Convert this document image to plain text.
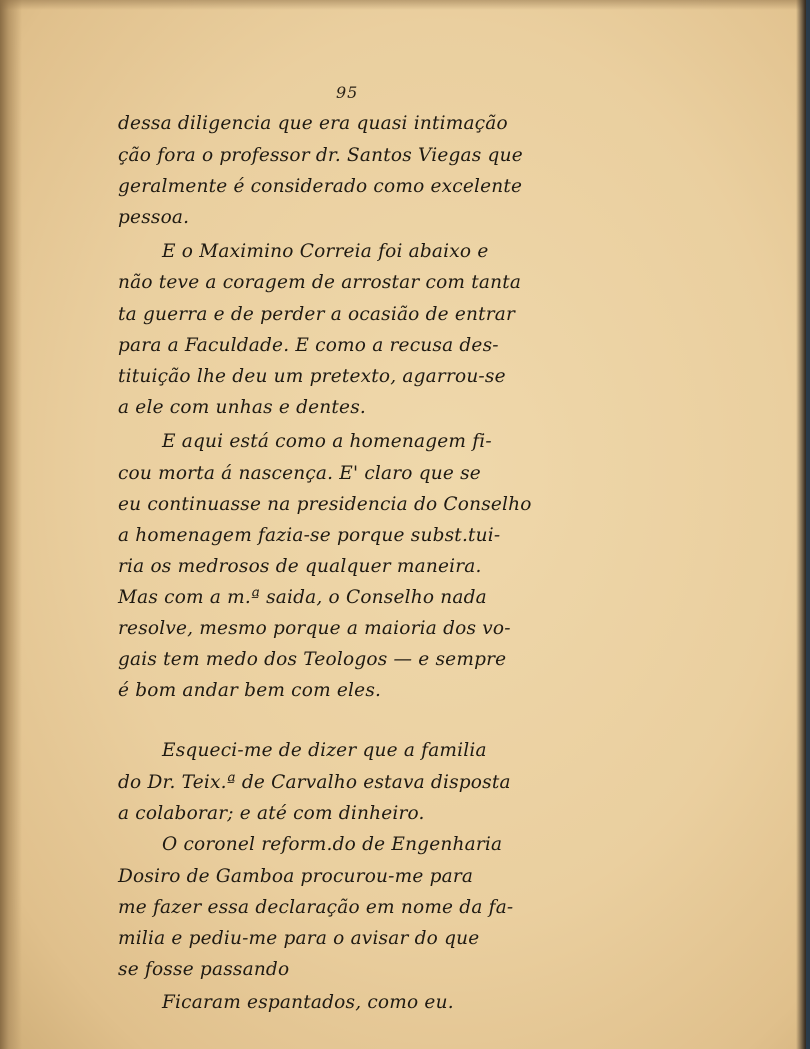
95
dessa diligencia que era quasi intimação
ção fora o professor dr. Santos Viegas que
geralmente é considerado como excelente
pessoa.
E o Maximino Correia foi abaixo e
não teve a coragem de arrostar com tanta
ta guerra e de perder a ocasião de entrar
para a Faculdade. E como a recusa des-
tituição lhe deu um pretexto, agarrou-se
a ele com unhas e dentes.
E aqui está como a homenagem fi-
cou morta á nascença. E' claro que se
eu continuasse na presidencia do Conselho
a homenagem fazia-se porque subst.tui-
ria os medrosos de qualquer maneira.
Mas com a m.ª saida, o Conselho nada
resolve, mesmo porque a maioria dos vo-
gais tem medo dos Teologos — e sempre
é bom andar bem com eles.
Esqueci-me de dizer que a familia
do Dr. Teix.ª de Carvalho estava disposta
a colaborar; e até com dinheiro.
O coronel reform.do de Engenharia
Dosiro de Gamboa procurou-me para
me fazer essa declaração em nome da fa-
milia e pediu-me para o avisar do que
se fosse passando
Ficaram espantados, como eu.
